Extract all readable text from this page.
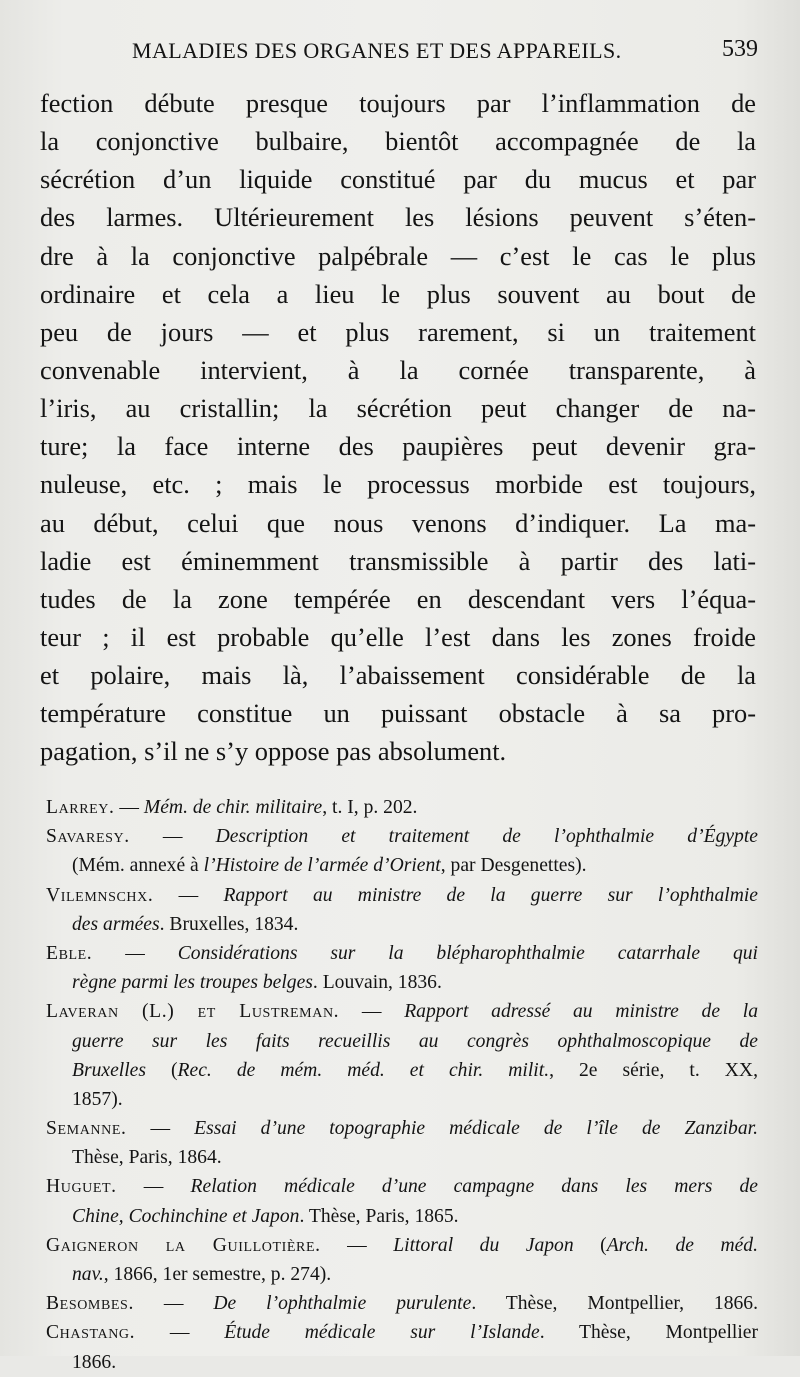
MALADIES DES ORGANES ET DES APPAREILS.	539
fection débute presque toujours par l’inflammation de
la conjonctive bulbaire, bientôt accompagnée de la
sécrétion d’un liquide constitué par du mucus et par
des larmes. Ultérieurement les lésions peuvent s’éten-
dre à la conjonctive palpébrale — c’est le cas le plus
ordinaire et cela a lieu le plus souvent au bout de
peu de jours — et plus rarement, si un traitement
convenable intervient, à la cornée transparente, à
l’iris, au cristallin; la sécrétion peut changer de na-
ture; la face interne des paupières peut devenir gra-
nuleuse, etc. ; mais le processus morbide est toujours,
au début, celui que nous venons d’indiquer. La ma-
ladie est éminemment transmissible à partir des lati-
tudes de la zone tempérée en descendant vers l’équa-
teur ; il est probable qu’elle l’est dans les zones froide
et polaire, mais là, l’abaissement considérable de la
température constitue un puissant obstacle à sa pro-
pagation, s’il ne s’y oppose pas absolument.
Larrey. — Mém. de chir. militaire, t. I, p. 202.
Savaresy. — Description et traitement de l’ophthalmie d’Égypte
(Mém. annexé à l’Histoire de l’armée d’Orient, par Desgenettes).
Vilemnschx. — Rapport au ministre de la guerre sur l’ophthalmie
des armées. Bruxelles, 1834.
Eble. — Considérations sur la blépharophthalmie catarrhale qui
règne parmi les troupes belges. Louvain, 1836.
Laveran (L.) et Lustreman. — Rapport adressé au ministre de la
guerre sur les faits recueillis au congrès ophthalmoscopique de
Bruxelles (Rec. de mém. méd. et chir. milit., 2e série, t. XX,
1857).
Semanne. — Essai d’une topographie médicale de l’île de Zanzibar.
Thèse, Paris, 1864.
Huguet. — Relation médicale d’une campagne dans les mers de
Chine, Cochinchine et Japon. Thèse, Paris, 1865.
Gaigneron la Guillotière. — Littoral du Japon (Arch. de méd.
nav., 1866, 1er semestre, p. 274).
Besombes. — De l’ophthalmie purulente. Thèse, Montpellier, 1866.
Chastang. — Étude médicale sur l’Islande. Thèse, Montpellier
1866.
